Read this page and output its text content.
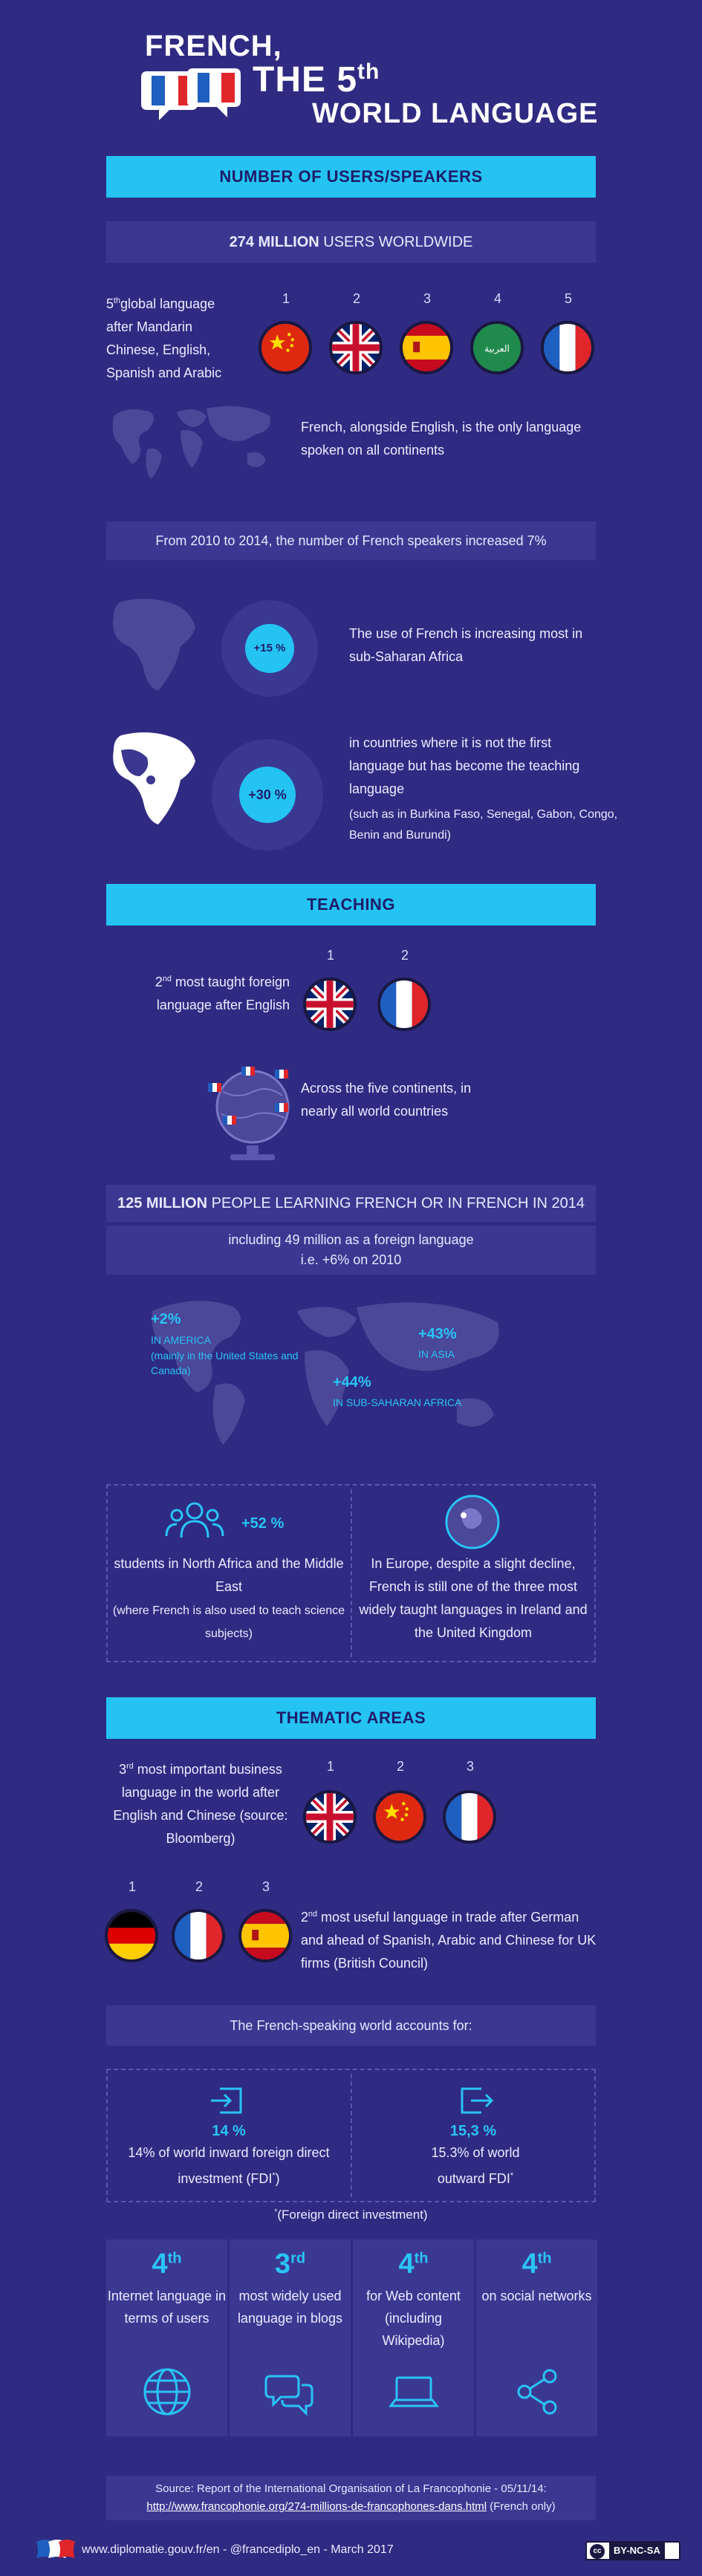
FRENCH,
THE 5th
WORLD LANGUAGE
NUMBER OF USERS/SPEAKERS
274 MILLION USERS WORLDWIDE
5thglobal language after Mandarin Chinese, English, Spanish and Arabic
1	2	3	4	5
العربية
French, alongside English, is the only language spoken on all continents
From 2010 to 2014, the number of French speakers increased 7%
+15 %
The use of French is increasing most in sub-Saharan Africa
+30 %
in countries where it is not the first language but has become the teaching language
(such as in Burkina Faso, Senegal, Gabon, Congo, Benin and Burundi)
TEACHING
2nd most taught foreign language after English
1	2
Across the five continents, in nearly all world countries
125 MILLION PEOPLE LEARNING FRENCH OR IN FRENCH IN 2014
including 49 million as a foreign language
i.e. +6% on 2010
+2%
IN AMERICA
(mainly in the United States and Canada)
+43%
IN ASIA
+44%
IN SUB-SAHARAN AFRICA
+52 %
students in North Africa and the Middle East
(where French is also used to teach science subjects)
In Europe, despite a slight decline, French is still one of the three most widely taught languages in Ireland and the United Kingdom
THEMATIC AREAS
3rd most important business language in the world after English and Chinese (source: Bloomberg)
1	2	3
1	2	3
2nd most useful language in trade after German and ahead of Spanish, Arabic and Chinese for UK firms (British Council)
The French-speaking world accounts for:
14 %
14% of world inward foreign direct investment (FDI*)
15,3 %
15.3% of world outward FDI*
*(Foreign direct investment)
4th
Internet language in terms of users
3rd
most widely used language in blogs
4th
for Web content (including Wikipedia)
4th
on social networks
Source: Report of the International Organisation of La Francophonie - 05/11/14:
http://www.francophonie.org/274-millions-de-francophones-dans.html (French only)
www.diplomatie.gouv.fr/en - @francediplo_en - March 2017	cc	BY-NC-SA
